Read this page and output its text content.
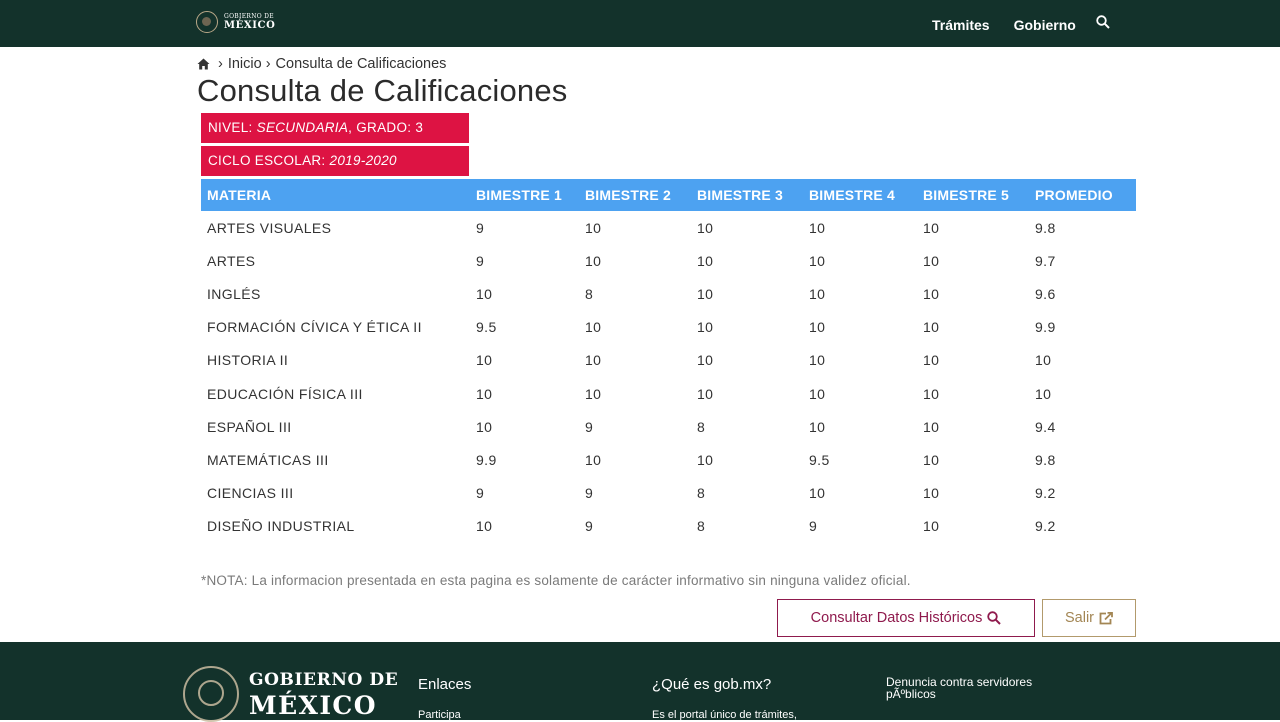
GOBIERNO DE
MÉXICO	Trámites Gobierno
› Inicio › Consulta de Calificaciones
Consulta de Calificaciones
NIVEL: SECUNDARIA, GRADO: 3
CICLO ESCOLAR: 2019-2020
MATERIA	BIMESTRE 1	BIMESTRE 2	BIMESTRE 3	BIMESTRE 4	BIMESTRE 5	PROMEDIO
ARTES VISUALES	9	10	10	10	10	9.8
ARTES	9	10	10	10	10	9.7
INGLÉS	10	8	10	10	10	9.6
FORMACIÓN CÍVICA Y ÉTICA II	9.5	10	10	10	10	9.9
HISTORIA II	10	10	10	10	10	10
EDUCACIÓN FÍSICA III	10	10	10	10	10	10
ESPAÑOL III	10	9	8	10	10	9.4
MATEMÁTICAS III	9.9	10	10	9.5	10	9.8
CIENCIAS III	9	9	8	10	10	9.2
DISEÑO INDUSTRIAL	10	9	8	9	10	9.2
*NOTA: La informacion presentada en esta pagina es solamente de carácter informativo sin ninguna validez oficial.
Consultar Datos Históricos	Salir
GOBIERNO DE
MÉXICO
Enlaces
Participa
¿Qué es gob.mx?
Es el portal único de trámites,
Denuncia contra servidores pÃºblicos
